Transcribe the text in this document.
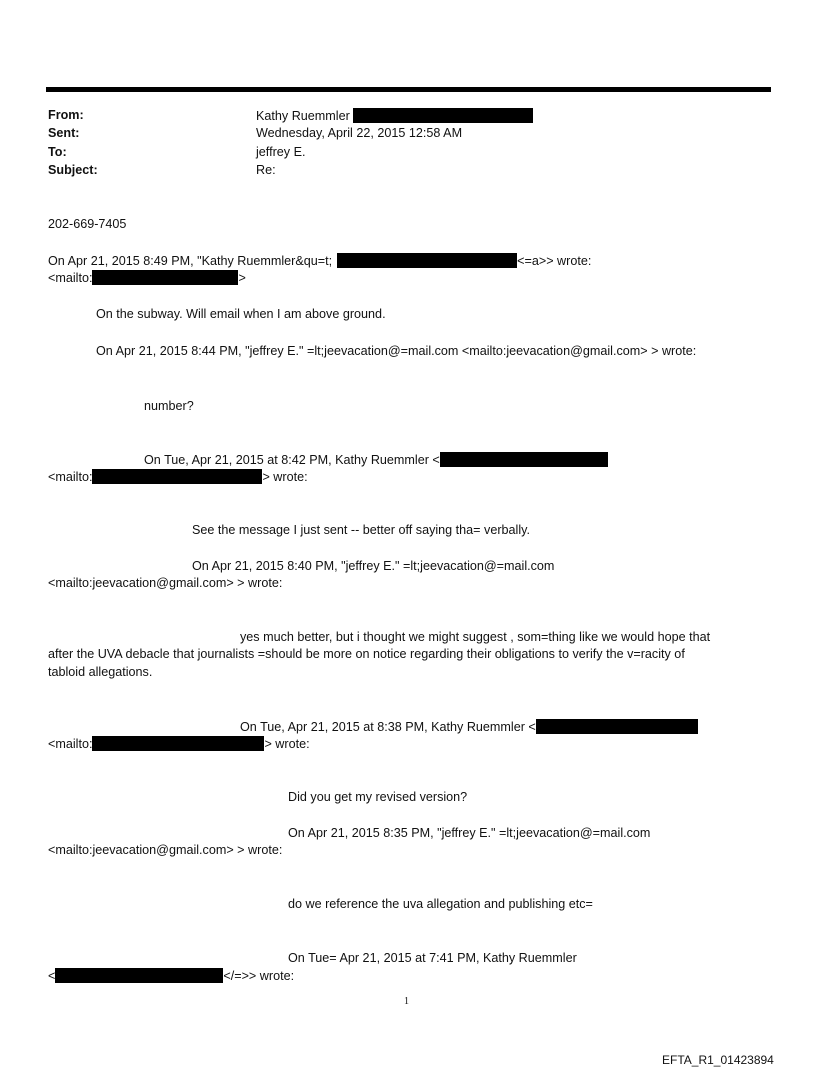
From:	Kathy Ruemmler
Sent:	Wednesday, April 22, 2015 12:58 AM
To:	jeffrey E.
Subject:	Re:
202-669-7405
On Apr 21, 2015 8:49 PM, "Kathy Ruemmler&qu=t;	<=a>> wrote:
<mailto:	>
On the subway. Will email when I am above ground.
On Apr 21, 2015 8:44 PM, "jeffrey E." =lt;jeevacation@=mail.com <mailto:jeevacation@gmail.com> > wrote:
number?
On Tue, Apr 21, 2015 at 8:42 PM, Kathy Ruemmler <
<mailto:	> wrote:
See the message I just sent -- better off saying tha= verbally.
On Apr 21, 2015 8:40 PM, "jeffrey E." =lt;jeevacation@=mail.com
<mailto:jeevacation@gmail.com> > wrote:
yes much better, but i thought we might suggest , som=thing like we would hope that
after the UVA debacle that journalists =should be more on notice regarding their obligations to verify the v=racity of
tabloid allegations.
On Tue, Apr 21, 2015 at 8:38 PM, Kathy Ruemmler <
<mailto:	> wrote:
Did you get my revised version?
On Apr 21, 2015 8:35 PM, "jeffrey E." =lt;jeevacation@=mail.com
<mailto:jeevacation@gmail.com> > wrote:
do we reference the uva allegation and publishing etc=
On Tue= Apr 21, 2015 at 7:41 PM, Kathy Ruemmler
<	</=>> wrote:
1
EFTA_R1_01423894
